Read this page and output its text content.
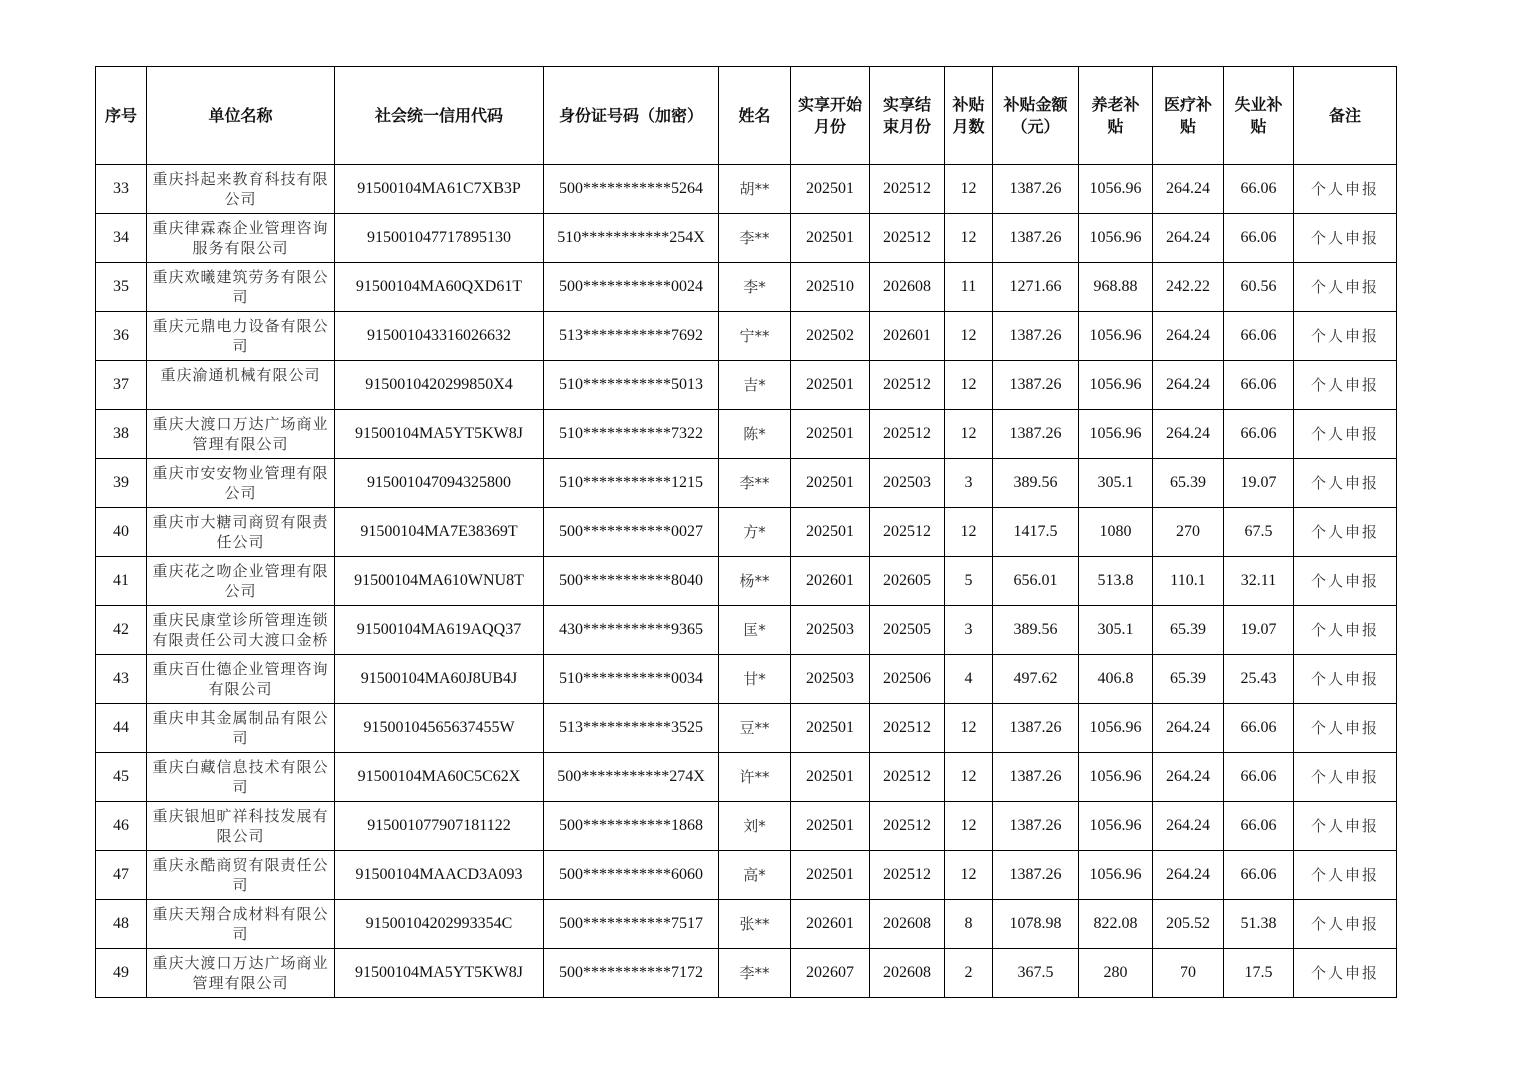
序号	单位名称	社会统一信用代码	身份证号码（加密）	姓名	实享开始月份	实享结束月份	补贴月数	补贴金额（元）	养老补贴	医疗补贴	失业补贴	备注
33	重庆抖起来教育科技有限公司	91500104MA61C7XB3P	500***********5264	胡**	202501	202512	12	1387.26	1056.96	264.24	66.06	个人申报
34	重庆律霖森企业管理咨询服务有限公司	915001047717895130	510***********254X	李**	202501	202512	12	1387.26	1056.96	264.24	66.06	个人申报
35	重庆欢曦建筑劳务有限公司	91500104MA60QXD61T	500***********0024	李*	202510	202608	11	1271.66	968.88	242.22	60.56	个人申报
36	重庆元鼎电力设备有限公司	915001043316026632	513***********7692	宁**	202502	202601	12	1387.26	1056.96	264.24	66.06	个人申报
37	重庆渝通机械有限公司	9150010420299850X4	510***********5013	吉*	202501	202512	12	1387.26	1056.96	264.24	66.06	个人申报
38	重庆大渡口万达广场商业管理有限公司	91500104MA5YT5KW8J	510***********7322	陈*	202501	202512	12	1387.26	1056.96	264.24	66.06	个人申报
39	重庆市安安物业管理有限公司	915001047094325800	510***********1215	李**	202501	202503	3	389.56	305.1	65.39	19.07	个人申报
40	重庆市大糖司商贸有限责任公司	91500104MA7E38369T	500***********0027	方*	202501	202512	12	1417.5	1080	270	67.5	个人申报
41	重庆花之吻企业管理有限公司	91500104MA610WNU8T	500***********8040	杨**	202601	202605	5	656.01	513.8	110.1	32.11	个人申报
42	重庆民康堂诊所管理连锁有限责任公司大渡口金桥	91500104MA619AQQ37	430***********9365	匡*	202503	202505	3	389.56	305.1	65.39	19.07	个人申报
43	重庆百仕德企业管理咨询有限公司	91500104MA60J8UB4J	510***********0034	甘*	202503	202506	4	497.62	406.8	65.39	25.43	个人申报
44	重庆申其金属制品有限公司	91500104565637455W	513***********3525	豆**	202501	202512	12	1387.26	1056.96	264.24	66.06	个人申报
45	重庆白藏信息技术有限公司	91500104MA60C5C62X	500***********274X	许**	202501	202512	12	1387.26	1056.96	264.24	66.06	个人申报
46	重庆银旭旷祥科技发展有限公司	915001077907181122	500***********1868	刘*	202501	202512	12	1387.26	1056.96	264.24	66.06	个人申报
47	重庆永酷商贸有限责任公司	91500104MAACD3A093	500***********6060	高*	202501	202512	12	1387.26	1056.96	264.24	66.06	个人申报
48	重庆天翔合成材料有限公司	91500104202993354C	500***********7517	张**	202601	202608	8	1078.98	822.08	205.52	51.38	个人申报
49	重庆大渡口万达广场商业管理有限公司	91500104MA5YT5KW8J	500***********7172	李**	202607	202608	2	367.5	280	70	17.5	个人申报
